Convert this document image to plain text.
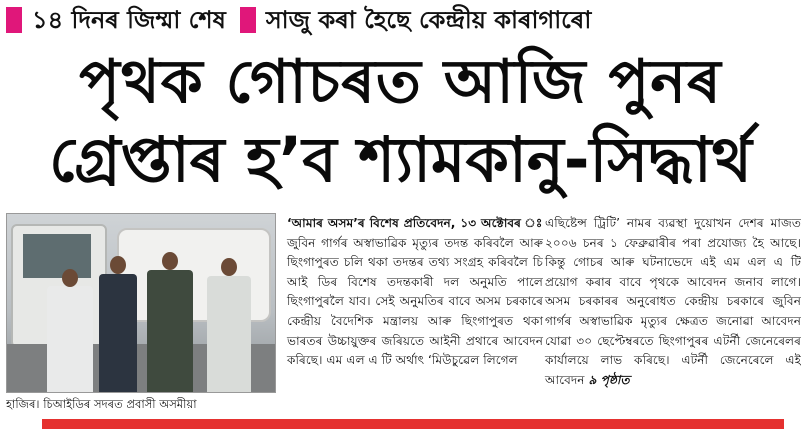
১৪ দিনৰ জিম্মা শেষ সাজু কৰা হৈছে কেন্দ্ৰীয় কাৰাগাৰো
পৃথক গোচৰত আজি পুনৰ
গ্ৰেপ্তাৰ হ’ব শ্যামকানু-সিদ্ধাৰ্থ
হাজিৰ। চিআইডিৰ সদৰত প্ৰবাসী অসমীয়া

‘আমাৰ অসম’ৰ বিশেষ প্ৰতিবেদন, ১৩ অক্টোবৰ ঃ জুবিন গাৰ্গৰ অস্বাভাৱিক মৃত্যুৰ তদন্ত কৰিবলৈ আৰু ছিংগাপুৰত চলি থকা তদন্তৰ তথ্য সংগ্ৰহ কৰিবলৈ চি আই ডিৰ বিশেষ তদন্তকাৰী দল অনুমতি পালে ছিংগাপুৰলৈ যাব। সেই অনুমতিৰ বাবে অসম চৰকাৰে কেন্দ্ৰীয় বৈদেশিক মন্ত্ৰালয় আৰু ছিংগাপুৰত থকা ভাৰতৰ উচ্চায়ুক্তৰ জৰিয়তে আইনী প্ৰথাৰে আবেদন কৰিছে। এম এল এ টি অৰ্থাৎ ‘মিউচুৱেল লিগেল

এছিষ্টেন্স ট্ৰিটি’ নামৰ ব্যৱস্থা দুয়োখন দেশৰ মাজত ২০০৬ চনৰ ১ ফেব্ৰুৱাৰীৰ পৰা প্ৰযোজ্য হৈ আছে। কিন্তু গোচৰ আৰু ঘটনাভেদে এই এম এল এ টি প্ৰয়োগ কৰাৰ বাবে পৃথকে আবেদন জনাব লাগে। অসম চৰকাৰৰ অনুৰোধত কেন্দ্ৰীয় চৰকাৰে জুবিন গাৰ্গৰ অস্বাভাৱিক মৃত্যুৰ ক্ষেত্ৰত জনোৱা আবেদন যোৱা ৩০ ছেপ্টেম্বৰতে ছিংগাপুৰৰ এটৰ্নী জেনেৰেলৰ কাৰ্যালয়ে লাভ কৰিছে। এটৰ্নী জেনেৰেলে এই আবেদন ৯ পৃষ্ঠাত
